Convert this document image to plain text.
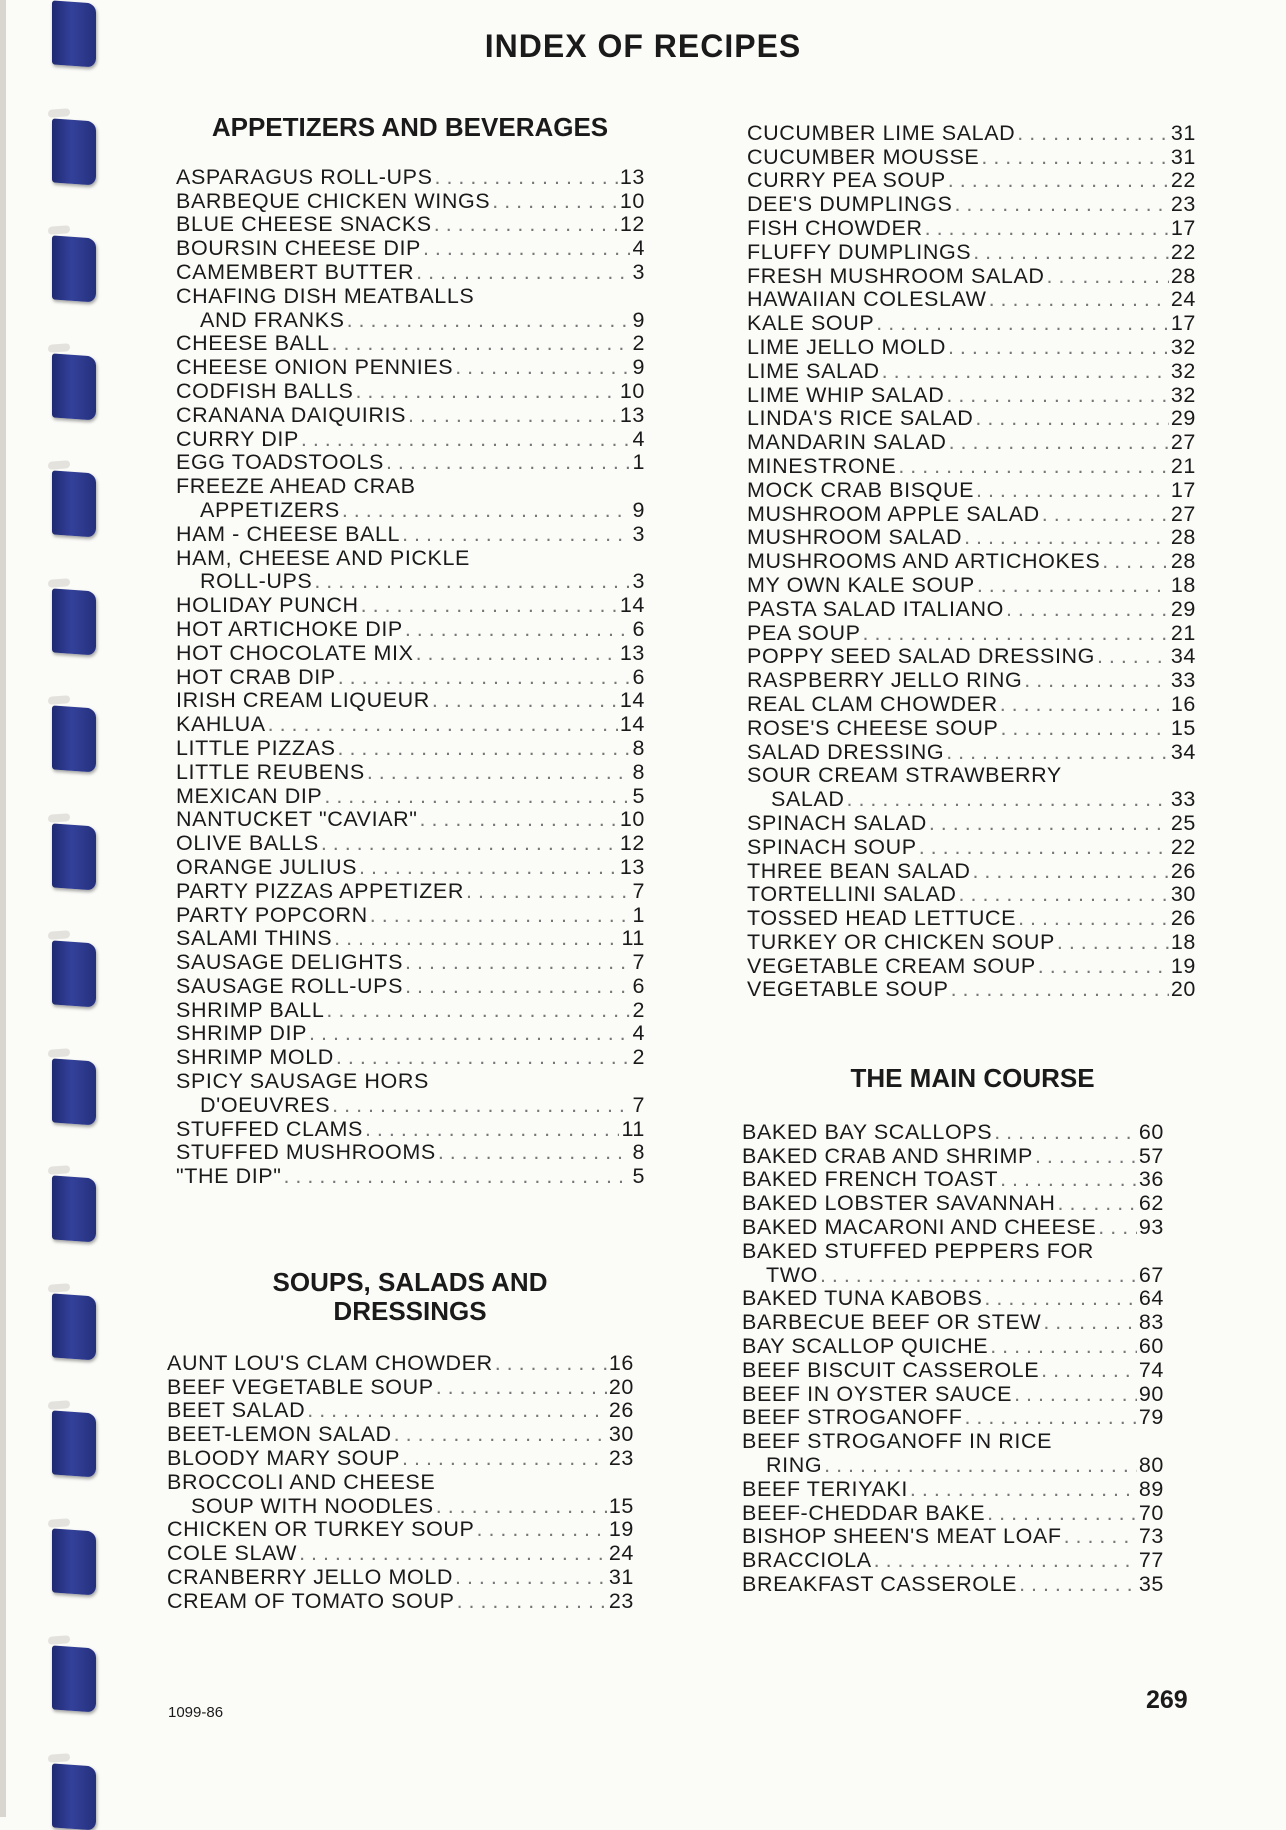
INDEX OF RECIPES
APPETIZERS AND BEVERAGES
ASPARAGUS ROLL-UPS . . .	13
BARBEQUE CHICKEN WINGS . . .	10
BLUE CHEESE SNACKS . . .	12
BOURSIN CHEESE DIP . . .	4
CAMEMBERT BUTTER . . .	3
CHAFING DISH MEATBALLS
AND FRANKS . . .	9
CHEESE BALL . . .	2
CHEESE ONION PENNIES . . .	9
CODFISH BALLS . . .	10
CRANANA DAIQUIRIS . . .	13
CURRY DIP . . .	4
EGG TOADSTOOLS . . .	1
FREEZE AHEAD CRAB
APPETIZERS . . .	9
HAM - CHEESE BALL . . .	3
HAM, CHEESE AND PICKLE
ROLL-UPS . . .	3
HOLIDAY PUNCH . . .	14
HOT ARTICHOKE DIP . . .	6
HOT CHOCOLATE MIX . . .	13
HOT CRAB DIP . . .	6
IRISH CREAM LIQUEUR . . .	14
KAHLUA . . .	14
LITTLE PIZZAS . . .	8
LITTLE REUBENS . . .	8
MEXICAN DIP . . .	5
NANTUCKET "CAVIAR" . . .	10
OLIVE BALLS . . .	12
ORANGE JULIUS . . .	13
PARTY PIZZAS APPETIZER . . .	7
PARTY POPCORN . . .	1
SALAMI THINS . . .	11
SAUSAGE DELIGHTS . . .	7
SAUSAGE ROLL-UPS . . .	6
SHRIMP BALL . . .	2
SHRIMP DIP . . .	4
SHRIMP MOLD . . .	2
SPICY SAUSAGE HORS
D'OEUVRES . . .	7
STUFFED CLAMS . . .	11
STUFFED MUSHROOMS . . .	8
"THE DIP" . . .	5
SOUPS, SALADS AND
DRESSINGS
AUNT LOU'S CLAM CHOWDER . . .	16
BEEF VEGETABLE SOUP . . .	20
BEET SALAD . . .	26
BEET-LEMON SALAD . . .	30
BLOODY MARY SOUP . . .	23
BROCCOLI AND CHEESE
SOUP WITH NOODLES . . .	15
CHICKEN OR TURKEY SOUP . . .	19
COLE SLAW . . .	24
CRANBERRY JELLO MOLD . . .	31
CREAM OF TOMATO SOUP . . .	23
CUCUMBER LIME SALAD . . .	31
CUCUMBER MOUSSE . . .	31
CURRY PEA SOUP . . .	22
DEE'S DUMPLINGS . . .	23
FISH CHOWDER . . .	17
FLUFFY DUMPLINGS . . .	22
FRESH MUSHROOM SALAD . . .	28
HAWAIIAN COLESLAW . . .	24
KALE SOUP . . .	17
LIME JELLO MOLD . . .	32
LIME SALAD . . .	32
LIME WHIP SALAD . . .	32
LINDA'S RICE SALAD . . .	29
MANDARIN SALAD . . .	27
MINESTRONE . . .	21
MOCK CRAB BISQUE . . .	17
MUSHROOM APPLE SALAD . . .	27
MUSHROOM SALAD . . .	28
MUSHROOMS AND ARTICHOKES . . .	28
MY OWN KALE SOUP . . .	18
PASTA SALAD ITALIANO . . .	29
PEA SOUP . . .	21
POPPY SEED SALAD DRESSING . . .	34
RASPBERRY JELLO RING . . .	33
REAL CLAM CHOWDER . . .	16
ROSE'S CHEESE SOUP . . .	15
SALAD DRESSING . . .	34
SOUR CREAM STRAWBERRY
SALAD . . .	33
SPINACH SALAD . . .	25
SPINACH SOUP . . .	22
THREE BEAN SALAD . . .	26
TORTELLINI SALAD . . .	30
TOSSED HEAD LETTUCE . . .	26
TURKEY OR CHICKEN SOUP . . .	18
VEGETABLE CREAM SOUP . . .	19
VEGETABLE SOUP . . .	20
THE MAIN COURSE
BAKED BAY SCALLOPS . . .	60
BAKED CRAB AND SHRIMP . . .	57
BAKED FRENCH TOAST . . .	36
BAKED LOBSTER SAVANNAH . . .	62
BAKED MACARONI AND CHEESE . . . 93
BAKED STUFFED PEPPERS FOR
TWO . . .	67
BAKED TUNA KABOBS . . .	64
BARBECUE BEEF OR STEW . . .	83
BAY SCALLOP QUICHE . . .	60
BEEF BISCUIT CASSEROLE . . .	74
BEEF IN OYSTER SAUCE . . .	90
BEEF STROGANOFF . . .	79
BEEF STROGANOFF IN RICE
RING . . .	80
BEEF TERIYAKI . . .	89
BEEF-CHEDDAR BAKE . . .	70
BISHOP SHEEN'S MEAT LOAF . . .	73
BRACCIOLA . . .	77
BREAKFAST CASSEROLE . . .	35
1099-86	269
